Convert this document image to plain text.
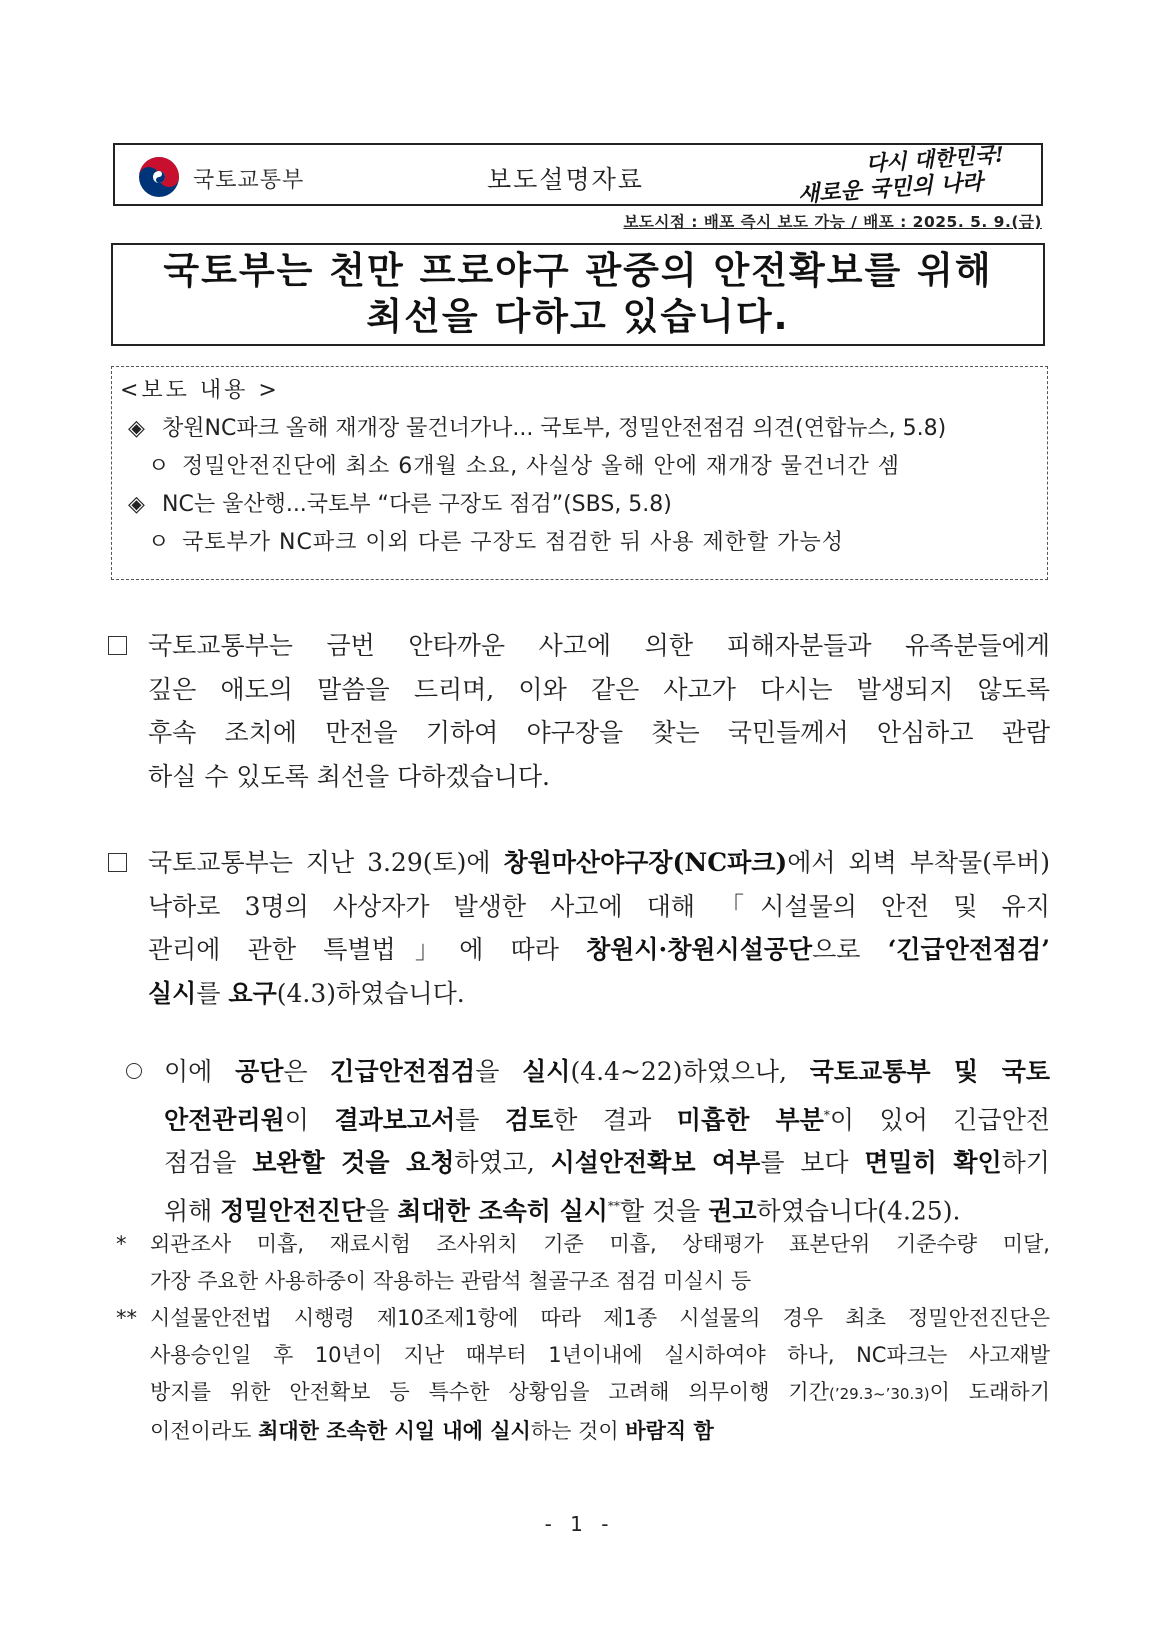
국토교통부	보도설명자료
다시 대한민국!
새로운 국민의 나라
보도시점 : 배포 즉시 보도 가능 / 배포 : 2025. 5. 9.(금)
국토부는 천만 프로야구 관중의 안전확보를 위해
최선을 다하고 있습니다.
<보도 내용 >
◈ 창원NC파크 올해 재개장 물건너가나... 국토부, 정밀안전점검 의견(연합뉴스, 5.8)
ㅇ 정밀안전진단에 최소 6개월 소요, 사실상 올해 안에 재개장 물건너간 셈
◈ NC는 울산행...국토부 “다른 구장도 점검”(SBS, 5.8)
ㅇ 국토부가 NC파크 이외 다른 구장도 점검한 뒤 사용 제한할 가능성
국토교통부는 금번 안타까운 사고에 의한 피해자분들과 유족분들에게
깊은 애도의 말씀을 드리며, 이와 같은 사고가 다시는 발생되지 않도록
후속 조치에 만전을 기하여 야구장을 찾는 국민들께서 안심하고 관람
하실 수 있도록 최선을 다하겠습니다.
국토교통부는 지난 3.29(토)에 창원마산야구장(NC파크)에서 외벽 부착물(루버)
낙하로 3명의 사상자가 발생한 사고에 대해 「시설물의 안전 및 유지
관리에 관한 특별법」에 따라 창원시·창원시설공단으로 ‘긴급안전점검’
실시를 요구(4.3)하였습니다.
이에 공단은 긴급안전점검을 실시(4.4~22)하였으나, 국토교통부 및 국토
안전관리원이 결과보고서를 검토한 결과 미흡한 부분*이 있어 긴급안전
점검을 보완할 것을 요청하였고, 시설안전확보 여부를 보다 면밀히 확인하기
위해 정밀안전진단을 최대한 조속히 실시**할 것을 권고하였습니다(4.25).
* 외관조사 미흡, 재료시험 조사위치 기준 미흡, 상태평가 표본단위 기준수량 미달,
가장 주요한 사용하중이 작용하는 관람석 철골구조 점검 미실시 등
** 시설물안전법 시행령 제10조제1항에 따라 제1종 시설물의 경우 최초 정밀안전진단은
사용승인일 후 10년이 지난 때부터 1년이내에 실시하여야 하나, NC파크는 사고재발
방지를 위한 안전확보 등 특수한 상황임을 고려해 의무이행 기간(’29.3~’30.3)이 도래하기
이전이라도 최대한 조속한 시일 내에 실시하는 것이 바람직 함
- 1 -
